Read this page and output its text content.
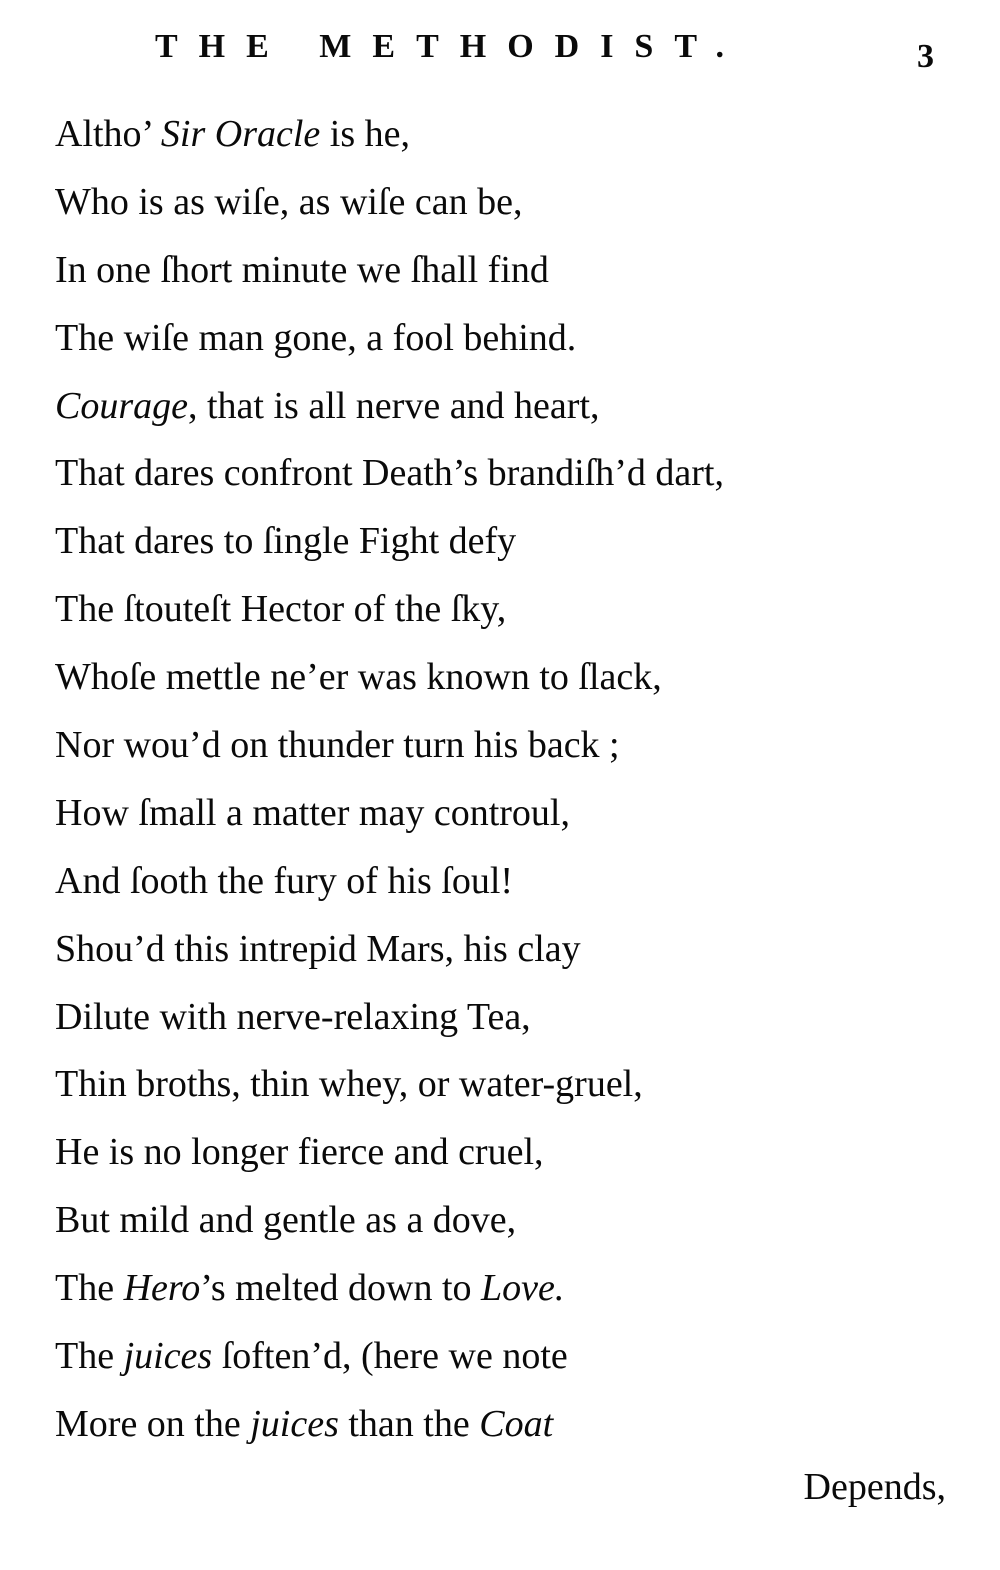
THE METHODIST.	3
Altho’ Sir Oracle is he,
Who is as wiſe, as wiſe can be,
In one ſhort minute we ſhall find
The wiſe man gone, a fool behind.
Courage, that is all nerve and heart,
That dares confront Death’s brandiſh’d dart,
That dares to ſingle Fight defy
The ſtouteſt Hector of the ſky,
Whoſe mettle ne’er was known to ſlack,
Nor wou’d on thunder turn his back ;
How ſmall a matter may controul,
And ſooth the fury of his ſoul!
Shou’d this intrepid Mars, his clay
Dilute with nerve-relaxing Tea,
Thin broths, thin whey, or water-gruel,
He is no longer fierce and cruel,
But mild and gentle as a dove,
The Hero’s melted down to Love.
The juices ſoften’d, (here we note
More on the juices than the Coat
Depends,
